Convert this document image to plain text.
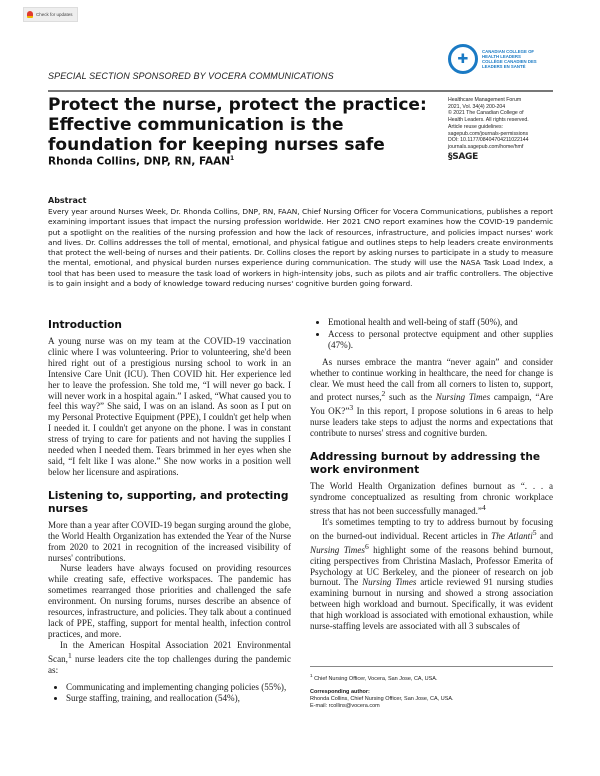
Check for updates
SPECIAL SECTION SPONSORED BY VOCERA COMMUNICATIONS
✚
CANADIAN COLLEGE OF
HEALTH LEADERS
COLLÈGE CANADIEN DES
LEADERS EN SANTÉ
Protect the nurse, protect the practice: Effective communication is the foundation for keeping nurses safe
Healthcare Management Forum
2021, Vol. 34(4) 200-204
© 2021 The Canadian College of
Health Leaders. All rights reserved.
Article reuse guidelines:
sagepub.com/journals-permissions
DOI: 10.1177/08404704211022144
journals.sagepub.com/home/hmf
§SAGE
Rhonda Collins, DNP, RN, FAAN$^1$
Abstract

Every year around Nurses Week, Dr. Rhonda Collins, DNP, RN, FAAN, Chief Nursing Officer for Vocera Communications, publishes a report examining important issues that impact the nursing profession worldwide. Her 2021 CNO report examines how the COVID-19 pandemic put a spotlight on the realities of the nursing profession and how the lack of resources, infrastructure, and policies impact nurses' work and lives. Dr. Collins addresses the toll of mental, emotional, and physical fatigue and outlines steps to help leaders create environments that protect the well-being of nurses and their patients. Dr. Collins closes the report by asking nurses to participate in a study to measure the mental, emotional, and physical burden nurses experience during communication. The study will use the NASA Task Load Index, a tool that has been used to measure the task load of workers in high-intensity jobs, such as pilots and air traffic controllers. The objective is to gain insight and a body of knowledge toward reducing nurses' cognitive burden going forward.

Introduction

A young nurse was on my team at the COVID-19 vaccination clinic where I was volunteering. Prior to volunteering, she'd been hired right out of a prestigious nursing school to work in an Intensive Care Unit (ICU). Then COVID hit. Her experience led her to leave the profession. She told me, “I will never go back. I will never work in a hospital again.” I asked, “What caused you to feel this way?” She said, I was on an island. As soon as I put on my Personal Protective Equipment (PPE), I couldn't get help when I needed it. I couldn't get anyone on the phone. I was in constant stress of trying to care for patients and not having the supplies I needed when I needed them. Tears brimmed in her eyes when she said, “I felt like I was alone.” She now works in a position well below her licensure and aspirations.

Listening to, supporting, and protecting nurses

More than a year after COVID-19 began surging around the globe, the World Health Organization has extended the Year of the Nurse from 2020 to 2021 in recognition of the increased visibility of nurses' contributions.

Nurse leaders have always focused on providing resources while creating safe, effective workspaces. The pandemic has sometimes rearranged those priorities and challenged the safe environment. On nursing forums, nurses describe an absence of resources, infrastructure, and policies. They talk about a continued lack of PPE, staffing, support for mental health, infection control practices, and more.

In the American Hospital Association 2021 Environmental Scan,$^1$ nurse leaders cite the top challenges during the pandemic as:

• Communicating and implementing changing policies (55%),
• Surge staffing, training, and reallocation (54%),
• Emotional health and well-being of staff (50%), and
• Access to personal protectve equipment and other supplies (47%).

As nurses embrace the mantra “never again” and consider whether to continue working in healthcare, the need for change is clear. We must heed the call from all corners to listen to, support, and protect nurses,$^2$ such as the Nursing Times campaign, “Are You OK?”$^3$ In this report, I propose solutions in 6 areas to help nurse leaders take steps to adjust the norms and expectations that contribute to nurses' stress and cognitive burden.

Addressing burnout by addressing the work environment

The World Health Organization defines burnout as “. . . a syndrome conceptualized as resulting from chronic workplace stress that has not been successfully managed.”$^4$

It's sometimes tempting to try to address burnout by focusing on the burned-out individual. Recent articles in The Atlanti$^5$ and Nursing Times$^6$ highlight some of the reasons behind burnout, citing perspectives from Christina Maslach, Professor Emerita of Psychology at UC Berkeley, and the pioneer of research on job burnout. The Nursing Times article reviewed 91 nursing studies examining burnout in nursing and showed a strong association between high workload and burnout. Specifically, it was evident that high workload is associated with emotional exhaustion, while nurse-staffing levels are associated with all 3 subscales of

$^1$ Chief Nursing Officer, Vocera, San Jose, CA, USA.
Corresponding author:
Rhonda Collins, Chief Nursing Officer, San Jose, CA, USA.
E-mail: rcollins@vocera.com
